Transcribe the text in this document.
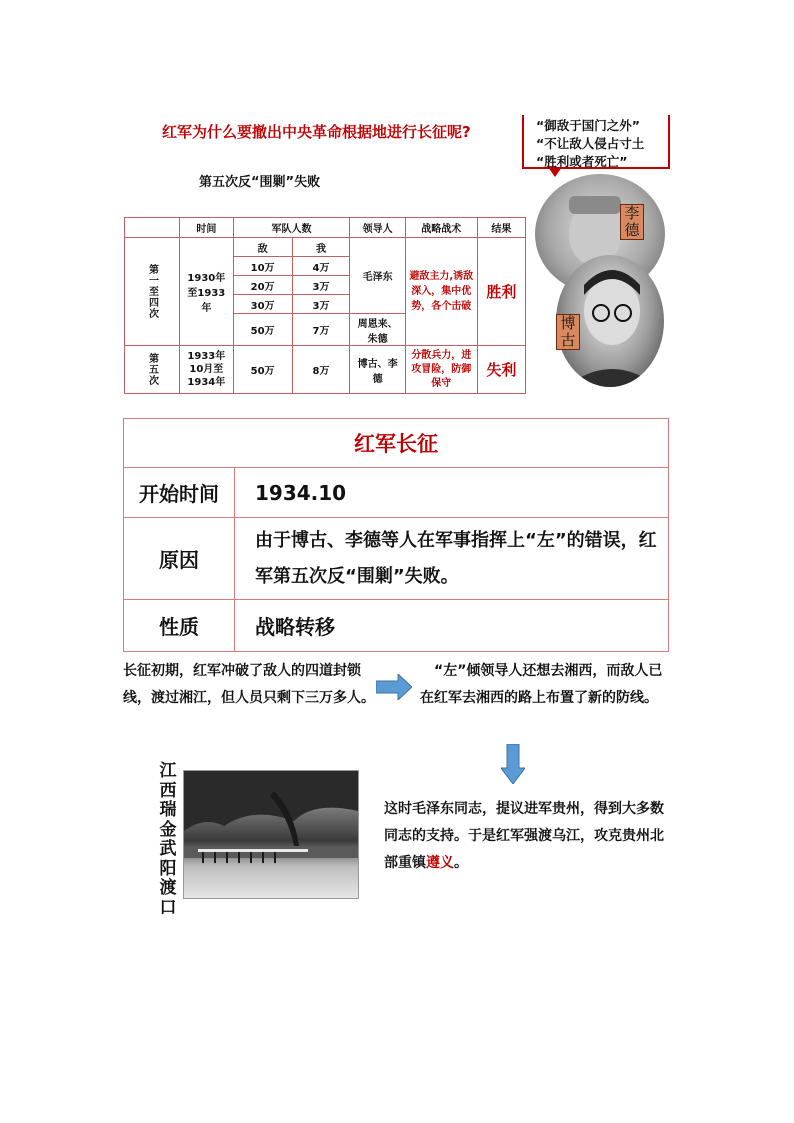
红军为什么要撤出中央革命根据地进行长征呢?	“御敌于国门之外”
“不让敌人侵占寸土
“胜利或者死亡”
第五次反“围剿”失败
	时间	军队人数		领导人	战略战术	结果

第一至四次	1930年至1933年	敌	我	毛泽东	避敌主力,诱敌深入，集中优势，各个击破	胜利
		10万	4万			
		20万	3万			
		30万	3万			
		50万	7万	周恩来、朱德		

第五次	1933年10月至1934年	50万	8万	博古、李德	分散兵力，进攻冒险，防御保守	失利
李德
博古
红军长征	
开始时间	1934.10
原因	由于博古、李德等人在军事指挥上“左”的错误，红军第五次反“围剿”失败。
性质	战略转移
长征初期，红军冲破了敌人的四道封锁线，渡过湘江，但人员只剩下三万多人。
“左”倾领导人还想去湘西，而敌人已在红军去湘西的路上布置了新的防线。
江西瑞金武阳渡口
这时毛泽东同志，提议进军贵州，得到大多数同志的支持。于是红军强渡乌江，攻克贵州北部重镇遵义。
